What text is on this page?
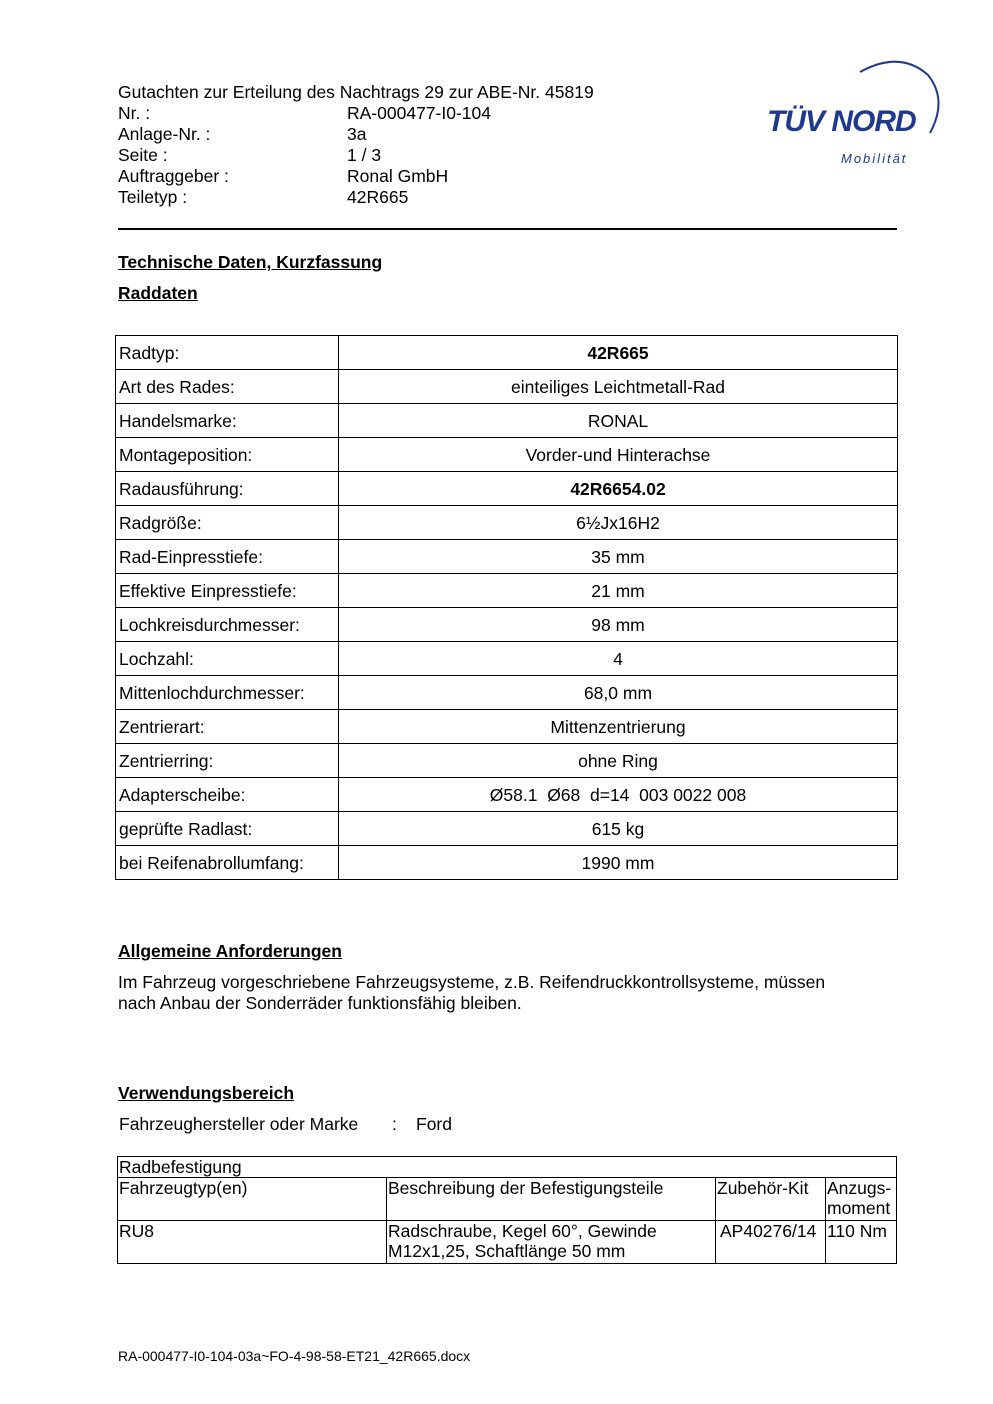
Gutachten zur Erteilung des Nachtrags 29 zur ABE-Nr. 45819
Nr. :	RA-000477-I0-104
Anlage-Nr. :	3a
Seite :	1 / 3
Auftraggeber :	Ronal GmbH
Teiletyp :	42R665
TÜV NORD
Mobilität
Technische Daten, Kurzfassung
Raddaten
Radtyp:	42R665
Art des Rades:	einteiliges Leichtmetall-Rad
Handelsmarke:	RONAL
Montageposition:	Vorder-und Hinterachse
Radausführung:	42R6654.02
Radgröße:	6½Jx16H2
Rad-Einpresstiefe:	35 mm
Effektive Einpresstiefe:	21 mm
Lochkreisdurchmesser:	98 mm
Lochzahl:	4
Mittenlochdurchmesser:	68,0 mm
Zentrierart:	Mittenzentrierung
Zentrierring:	ohne Ring
Adapterscheibe:	Ø58.1  Ø68  d=14  003 0022 008
geprüfte Radlast:	615 kg
bei Reifenabrollumfang:	1990 mm
Allgemeine Anforderungen
Im Fahrzeug vorgeschriebene Fahrzeugsysteme, z.B. Reifendruckkontrollsysteme, müssen
nach Anbau der Sonderräder funktionsfähig bleiben.
Verwendungsbereich
Fahrzeughersteller oder Marke : Ford
Radbefestigung			
Fahrzeugtyp(en)	Beschreibung der Befestigungsteile	Zubehör-Kit	Anzugs-
moment

RU8	Radschraube, Kegel 60°, Gewinde
M12x1,25, Schaftlänge 50 mm	AP40276/14	110 Nm
RA-000477-I0-104-03a~FO-4-98-58-ET21_42R665.docx
